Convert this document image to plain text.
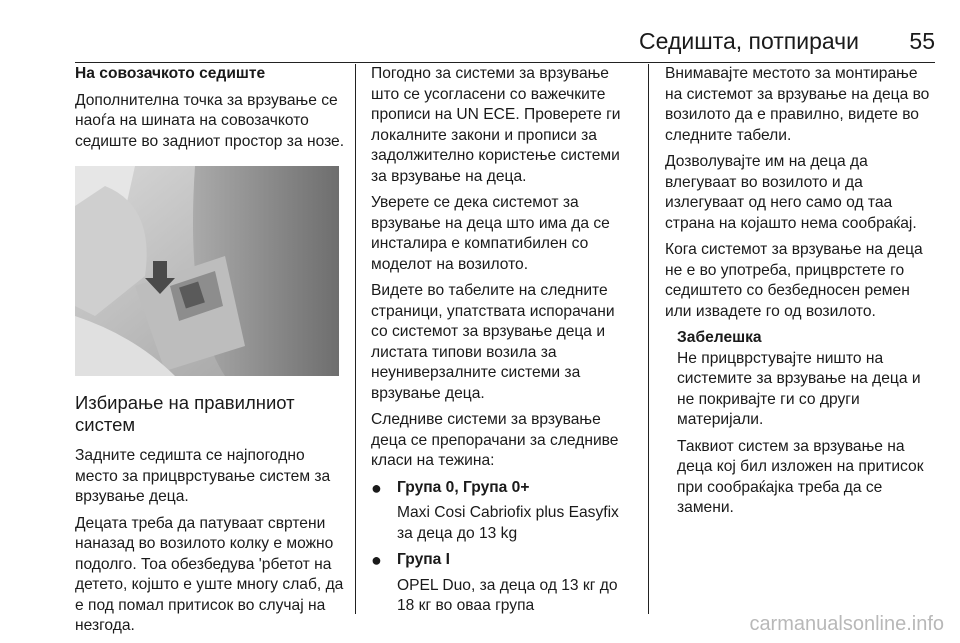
Седишта, потпирачи 55

На совозачкото седиште

Дополнителна точка за врзување се наоѓа на шината на совозачкото седиште во задниот простор за нозе.

Избирање на правилниот систем

Задните седишта се најпогодно место за прицврстување систем за врзување деца.

Децата треба да патуваат свртени наназад во возилото колку е можно подолго. Тоа обезбедува 'рбетот на детето, којшто е уште многу слаб, да е под помал притисок во случај на незгода.

Погодно за системи за врзување што се усогласени со важечките прописи на UN ECE. Проверете ги локалните закони и прописи за задолжително користење системи за врзување на деца.

Уверете се дека системот за врзување на деца што има да се инсталира е компатибилен со моделот на возилото.

Видете во табелите на следните страници, упатствата испорачани со системот за врзување деца и листата типови возила за неуниверзалните системи за врзување деца.

Следниве системи за врзување деца се препорачани за следниве класи на тежина:

● Група 0, Група 0+
Maxi Cosi Cabriofix plus Easyfix за деца до 13 kg
● Група I
OPEL Duo, за деца од 13 кг до 18 кг во оваа група

Внимавајте местото за монтирање на системот за врзување на деца во возилото да е правилно, видете во следните табели.

Дозволувајте им на деца да влегуваат во возилото и да излегуваат од него само од таа страна на којашто нема сообраќај.

Кога системот за врзување на деца не е во употреба, прицврстете го седиштето со безбедносен ремен или извадете го од возилото.

Забелешка

Не прицврстувајте ништо на системите за врзување на деца и не покривајте ги со други материјали.

Таквиот систем за врзување на деца кој бил изложен на притисок при сообраќајка треба да се замени.

carmanualsonline.info
